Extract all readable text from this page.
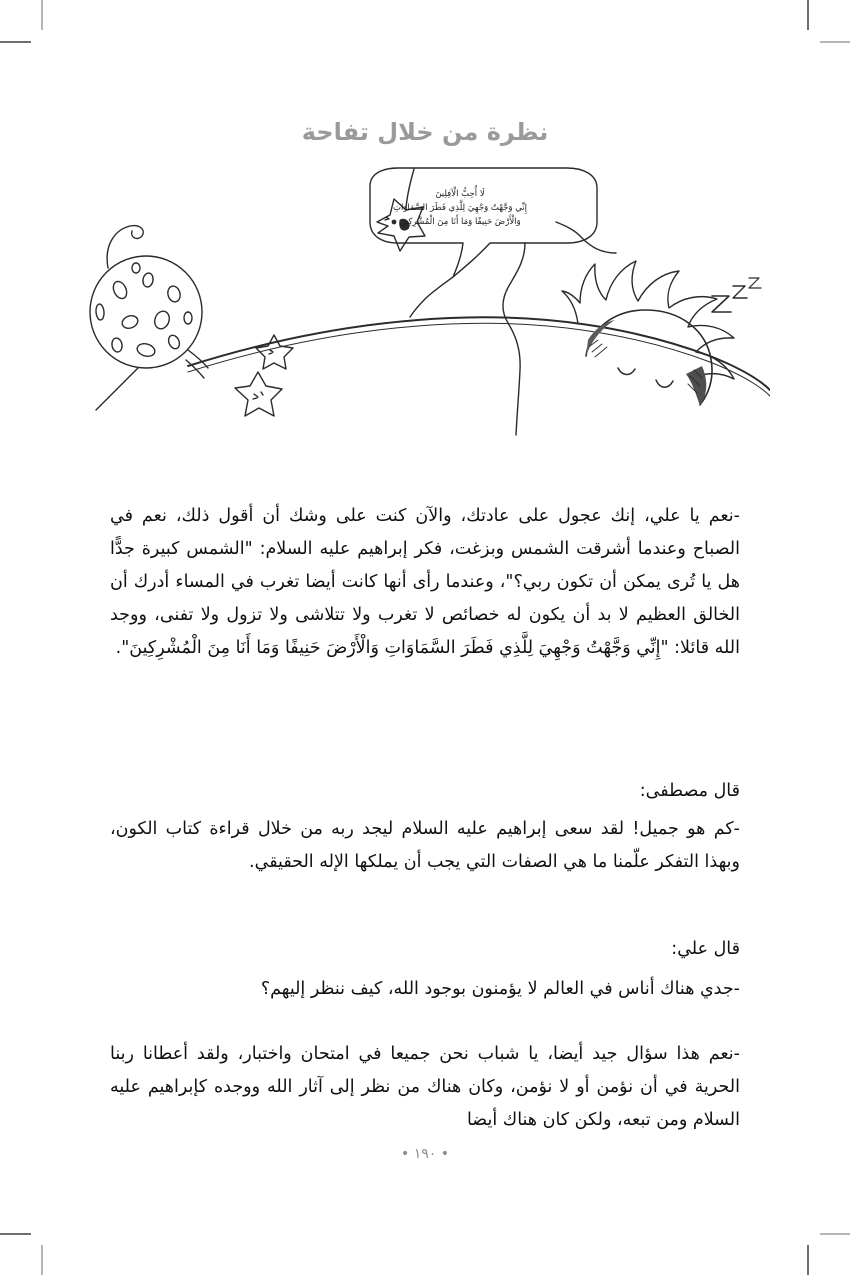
نظرة من خلال تفاحة
لَا أُحِبُّ الْآفِلِينَ
إِنِّي وَجَّهْتُ وَجْهِيَ لِلَّذِي فَطَرَ السَّمَاوَاتِ
وَالْأَرْضَ حَنِيفًا وَمَا أَنَا مِنَ الْمُشْرِكِينَ

-نعم يا علي، إنك عجول على عادتك، والآن كنت على وشك أن أقول ذلك، نعم في الصباح وعندما أشرقت الشمس وبزغت، فكر إبراهيم عليه السلام: "الشمس كبيرة جدًّا هل يا تُرى يمكن أن تكون ربي؟"، وعندما رأى أنها كانت أيضا تغرب في المساء أدرك أن الخالق العظيم لا بد أن يكون له خصائص لا تغرب ولا تتلاشى ولا تزول ولا تفنى، ووجد الله قائلا: "إِنِّي وَجَّهْتُ وَجْهِيَ لِلَّذِي فَطَرَ السَّمَاوَاتِ وَالْأَرْضَ حَنِيفًا وَمَا أَنَا مِنَ الْمُشْرِكِينَ".

قال مصطفى:

-كم هو جميل! لقد سعى إبراهيم عليه السلام ليجد ربه من خلال قراءة كتاب الكون، وبهذا التفكر علّمنا ما هي الصفات التي يجب أن يملكها الإله الحقيقي.

قال علي:

-جدي هناك أناس في العالم لا يؤمنون بوجود الله، كيف ننظر إليهم؟

-نعم هذا سؤال جيد أيضا، يا شباب نحن جميعا في امتحان واختبار، ولقد أعطانا ربنا الحرية في أن نؤمن أو لا نؤمن، وكان هناك من نظر إلى آثار الله ووجده كإبراهيم عليه السلام ومن تبعه، ولكن كان هناك أيضا

• ١٩٠ •
